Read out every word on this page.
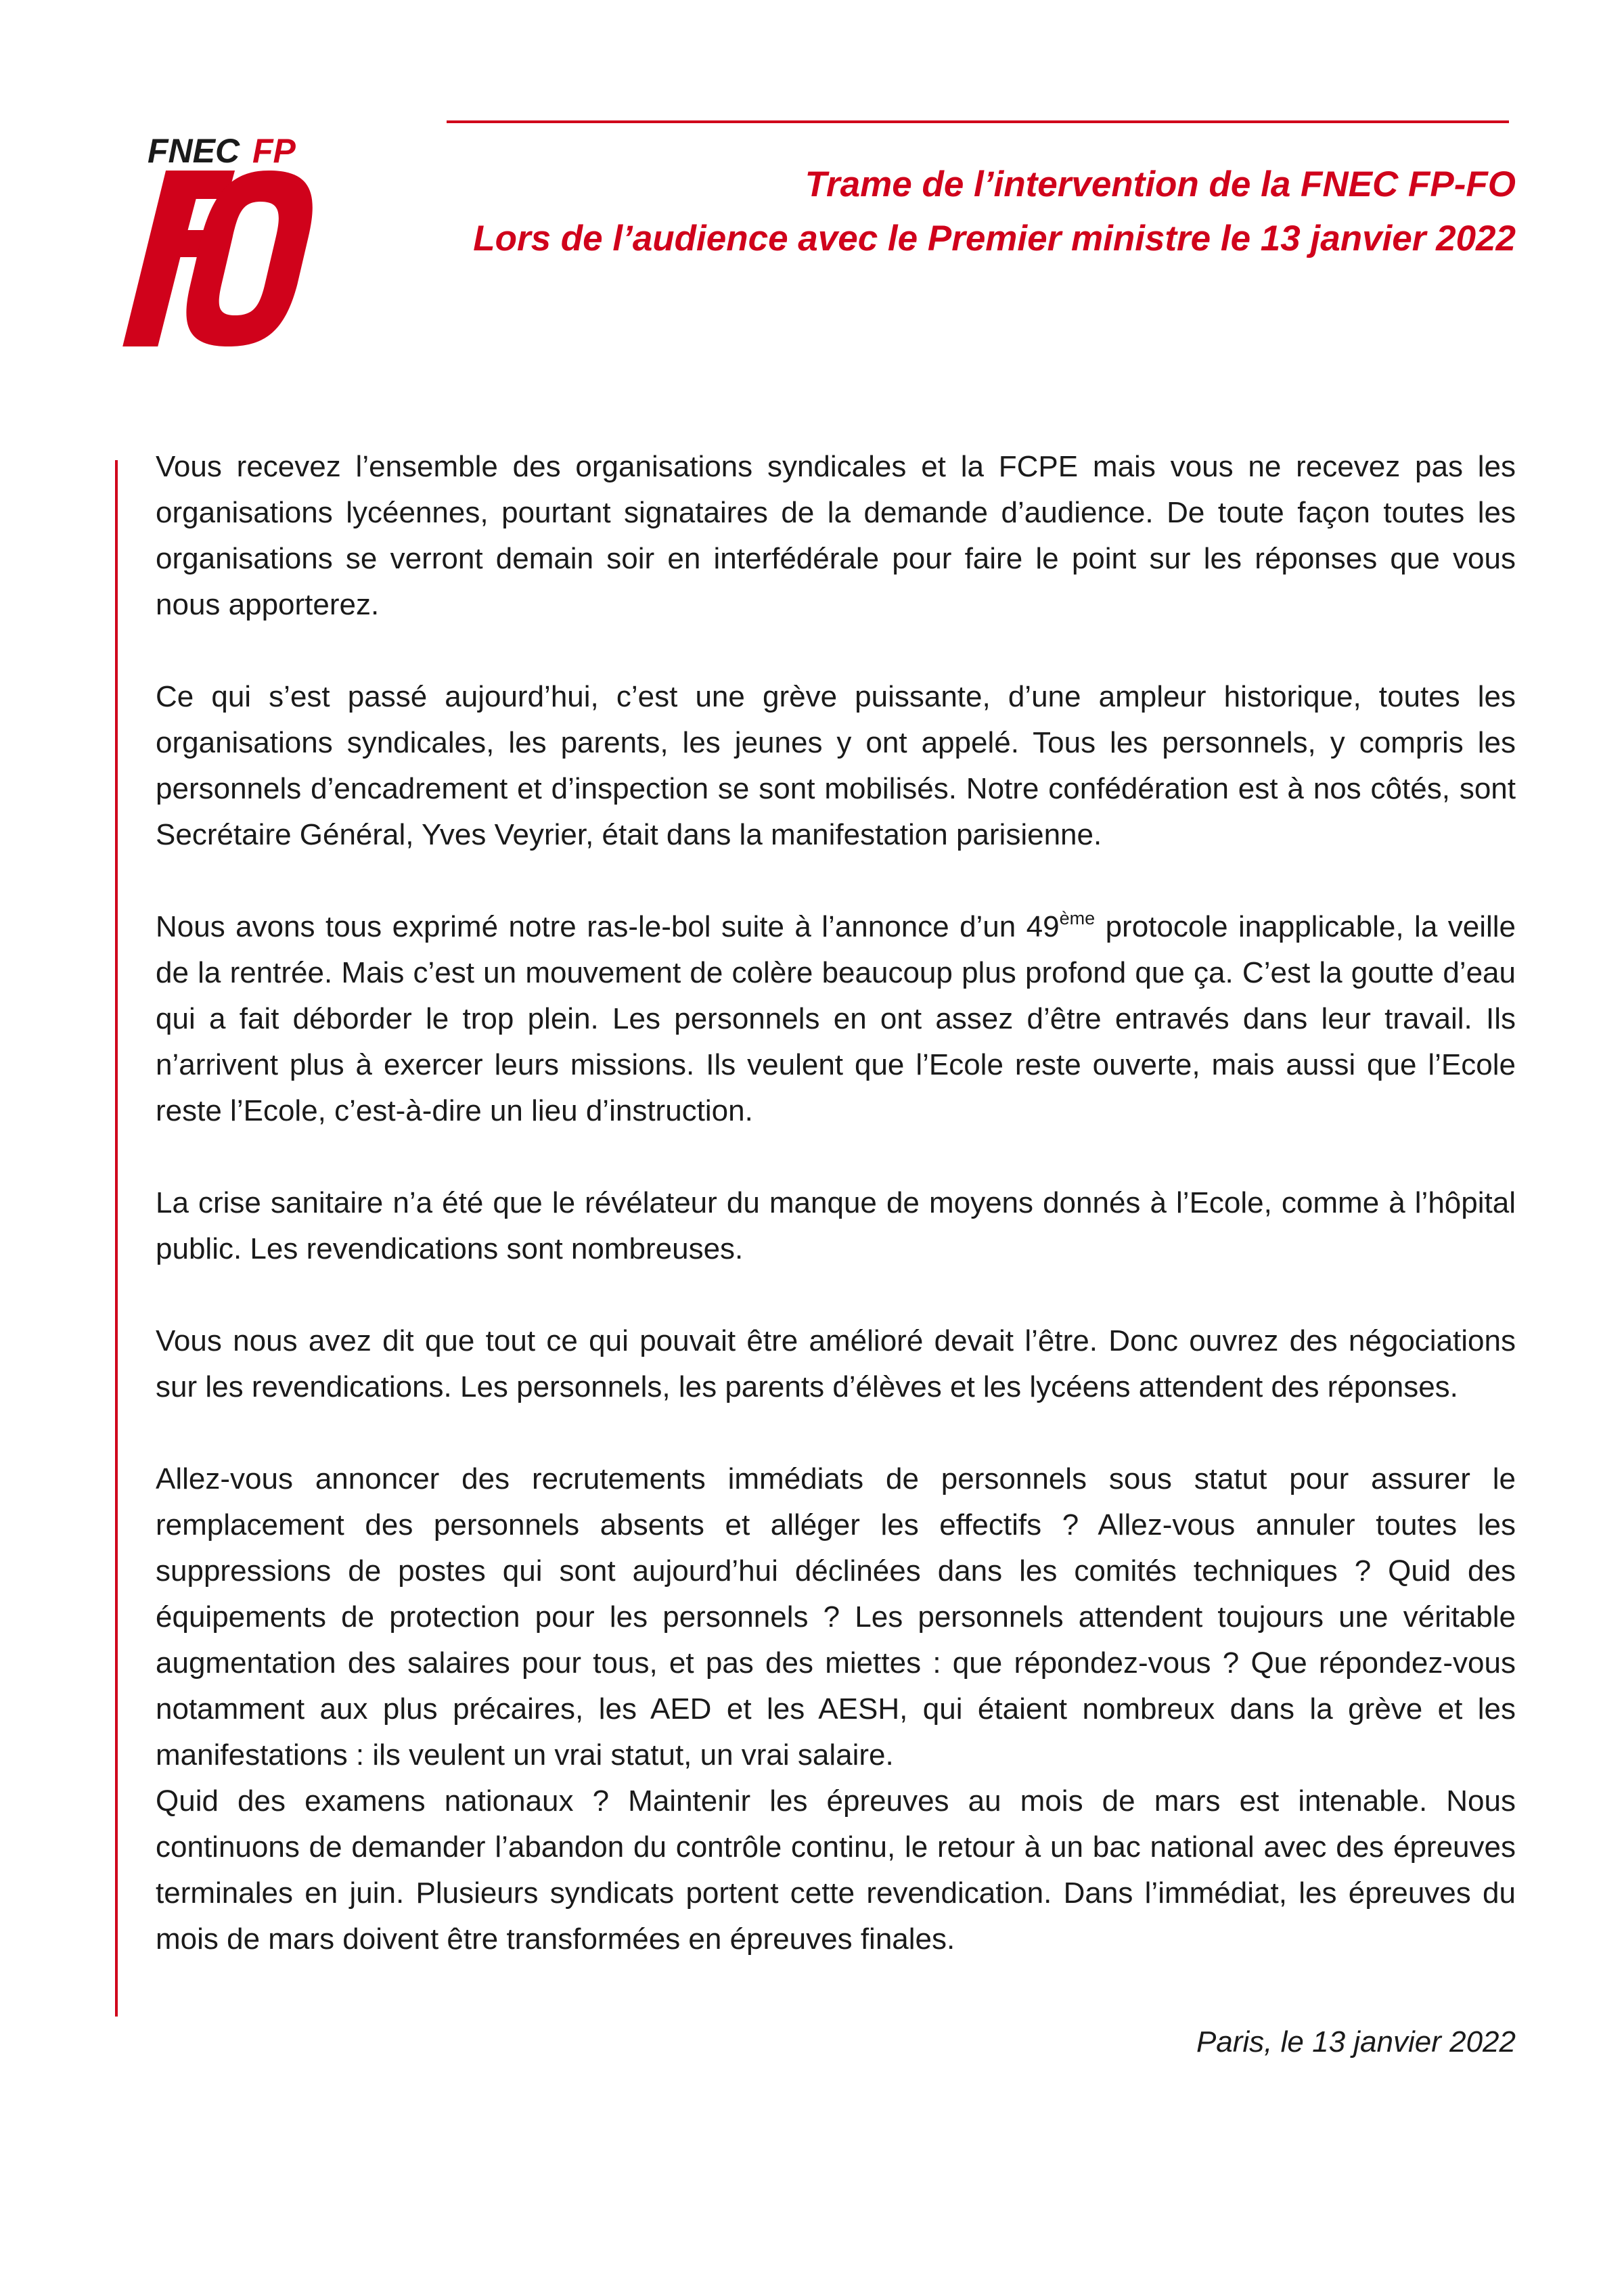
FNEC FP
Trame de l’intervention de la FNEC FP-FO
Lors de l’audience avec le Premier ministre le 13 janvier 2022

Vous recevez l’ensemble des organisations syndicales et la FCPE mais vous ne recevez pas les organisations lycéennes, pourtant signataires de la demande d’audience. De toute façon toutes les organisations se verront demain soir en interfédérale pour faire le point sur les réponses que vous nous apporterez.

Ce qui s’est passé aujourd’hui, c’est une grève puissante, d’une ampleur historique, toutes les organisations syndicales, les parents, les jeunes y ont appelé. Tous les personnels, y compris les personnels d’encadrement et d’inspection se sont mobilisés. Notre confédération est à nos côtés, sont Secrétaire Général, Yves Veyrier, était dans la manifestation parisienne.

Nous avons tous exprimé notre ras-le-bol suite à l’annonce d’un 49ème protocole inapplicable, la veille de la rentrée. Mais c’est un mouvement de colère beaucoup plus profond que ça. C’est la goutte d’eau qui a fait déborder le trop plein. Les personnels en ont assez d’être entravés dans leur travail. Ils n’arrivent plus à exercer leurs missions. Ils veulent que l’Ecole reste ouverte, mais aussi que l’Ecole reste l’Ecole, c’est-à-dire un lieu d’instruction.

La crise sanitaire n’a été que le révélateur du manque de moyens donnés à l’Ecole, comme à l’hôpital public. Les revendications sont nombreuses.

Vous nous avez dit que tout ce qui pouvait être amélioré devait l’être. Donc ouvrez des négociations sur les revendications. Les personnels, les parents d’élèves et les lycéens attendent des réponses.

Allez-vous annoncer des recrutements immédiats de personnels sous statut pour assurer le remplacement des personnels absents et alléger les effectifs ? Allez-vous annuler toutes les suppressions de postes qui sont aujourd’hui déclinées dans les comités techniques ? Quid des équipements de protection pour les personnels ? Les personnels attendent toujours une véritable augmentation des salaires pour tous, et pas des miettes : que répondez-vous ? Que répondez-vous notamment aux plus précaires, les AED et les AESH, qui étaient nombreux dans la grève et les manifestations : ils veulent un vrai statut, un vrai salaire.

Quid des examens nationaux ? Maintenir les épreuves au mois de mars est intenable. Nous continuons de demander l’abandon du contrôle continu, le retour à un bac national avec des épreuves terminales en juin. Plusieurs syndicats portent cette revendication. Dans l’immédiat, les épreuves du mois de mars doivent être transformées en épreuves finales.

Paris, le 13 janvier 2022
